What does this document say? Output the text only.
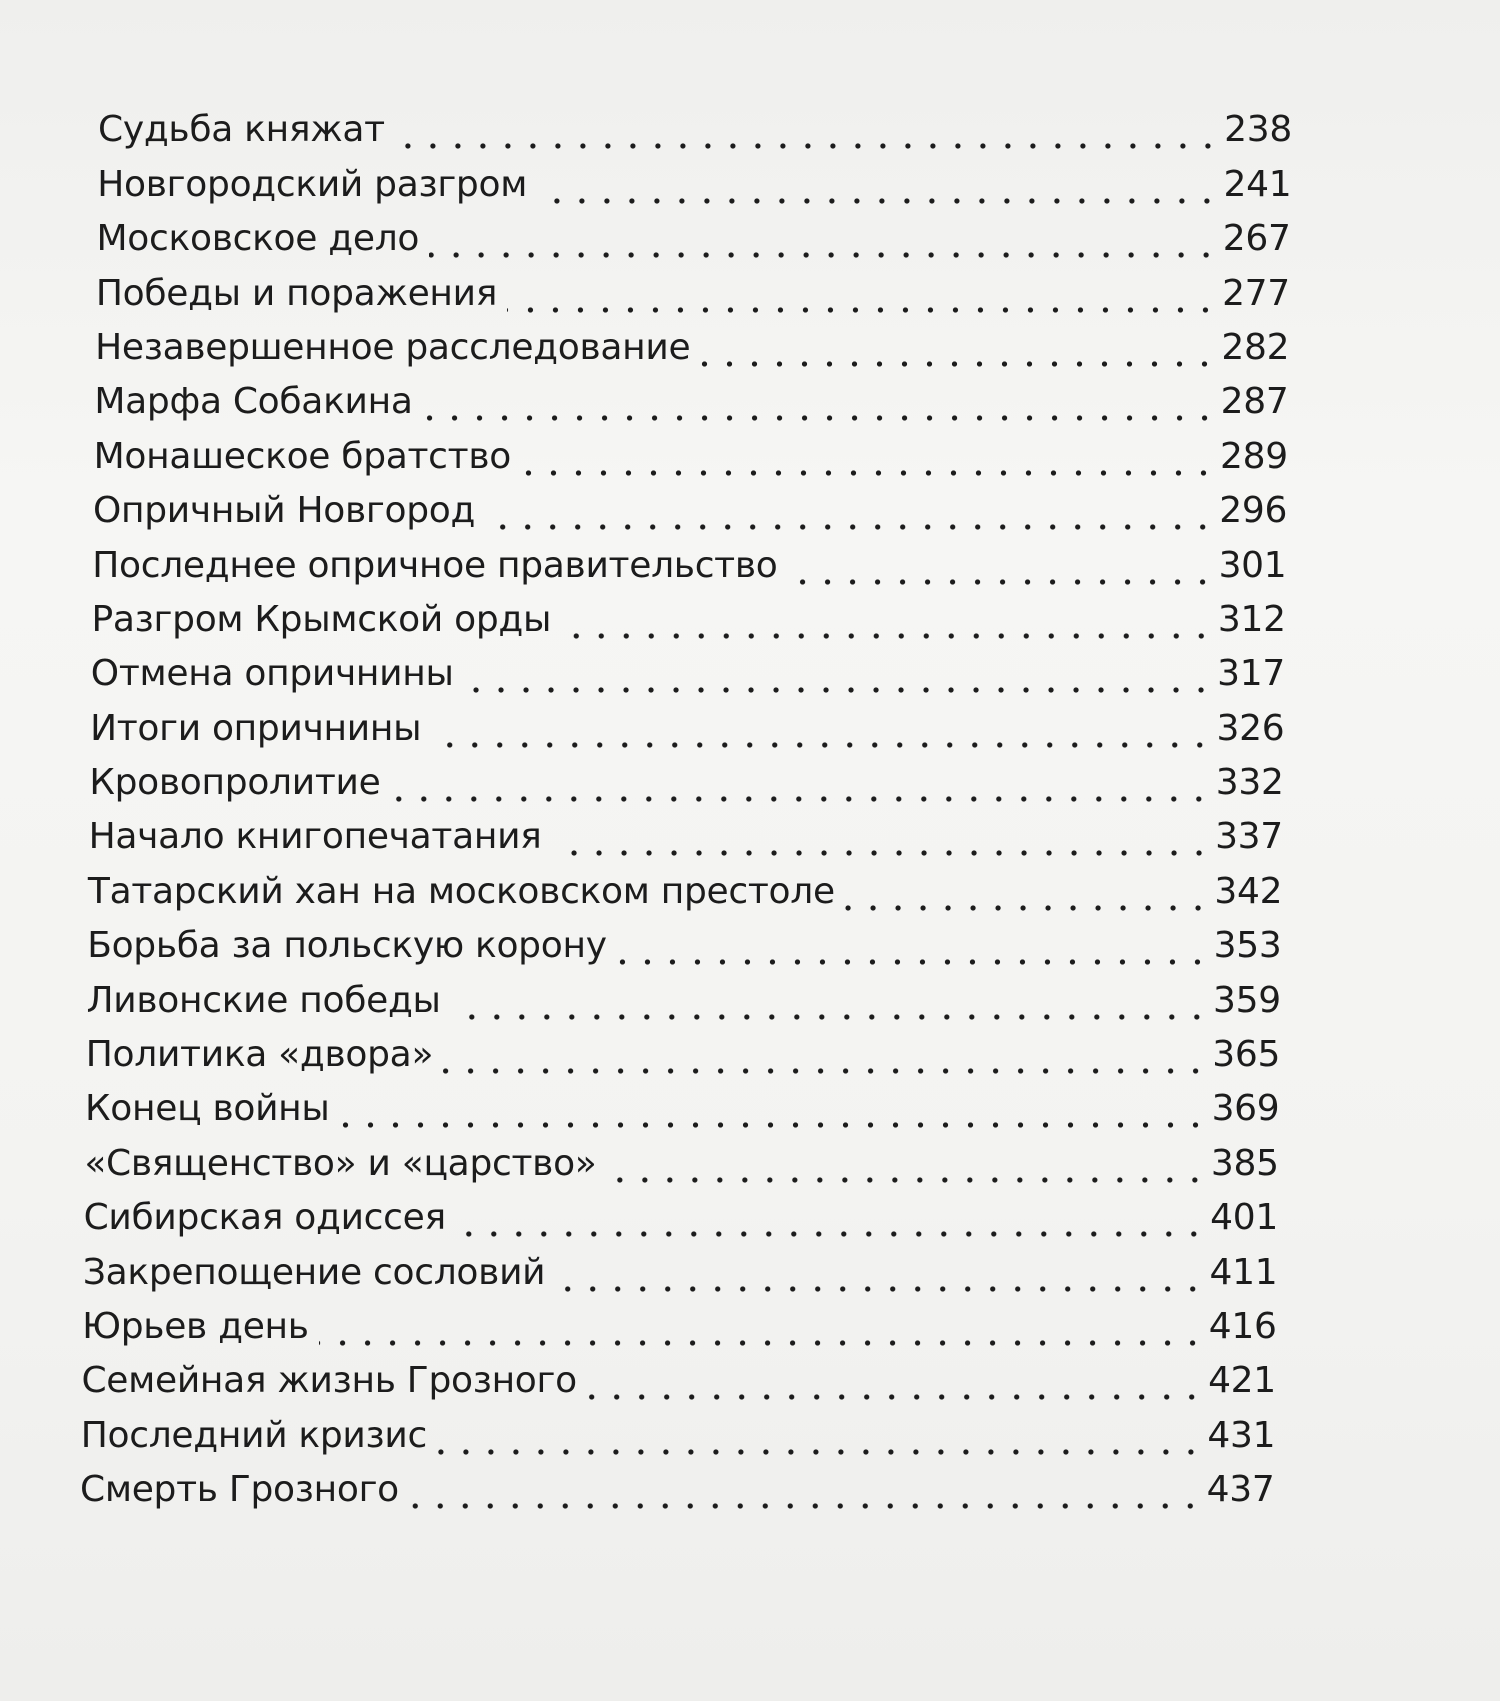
Судьба княжат	238
Новгородский разгром	241
Московское дело	267
Победы и поражения	277
Незавершенное расследование	282
Марфа Собакина	287
Монашеское братство	289
Опричный Новгород	296
Последнее опричное правительство	301
Разгром Крымской орды	312
Отмена опричнины	317
Итоги опричнины	326
Кровопролитие	332
Начало книгопечатания	337
Татарский хан на московском престоле	342
Борьба за польскую корону	353
Ливонские победы	359
Политика «двора»	365
Конец войны	369
«Священство» и «царство»	385
Сибирская одиссея	401
Закрепощение сословий	411
Юрьев день	416
Семейная жизнь Грозного	421
Последний кризис	431
Смерть Грозного	437
